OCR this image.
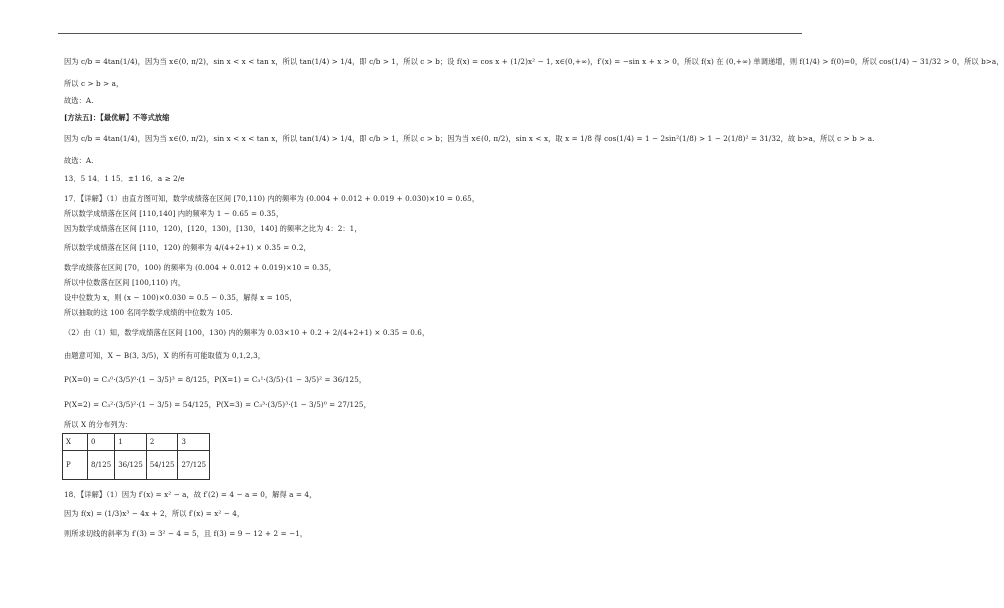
因为 c/b = 4tan(1/4)，因为当 x∈(0, π/2)，sin x < x < tan x，所以 tan(1/4) > 1/4，即 c/b > 1，所以 c > b；设 f(x) = cos x + (1/2)x² − 1, x∈(0,+∞)，f′(x) = −sin x + x > 0，所以 f(x) 在 (0,+∞) 单调递增，则 f(1/4) > f(0)=0，所以 cos(1/4) − 31/32 > 0，所以 b>a，
所以 c > b > a，
故选：A.
[方法五]：【最优解】不等式放缩
因为 c/b = 4tan(1/4)，因为当 x∈(0, π/2)，sin x < x < tan x，所以 tan(1/4) > 1/4，即 c/b > 1，所以 c > b；因为当 x∈(0, π/2)，sin x < x，取 x = 1/8 得 cos(1/4) = 1 − 2sin²(1/8) > 1 − 2(1/8)² = 31/32，故 b>a，所以 c > b > a.
故选：A.
13．5 14．1 15．±1 16．a ≥ 2/e
17．【详解】（1）由直方图可知，数学成绩落在区间 [70,110) 内的频率为 (0.004 + 0.012 + 0.019 + 0.030)×10 = 0.65，
所以数学成绩落在区间 [110,140] 内的频率为 1 − 0.65 = 0.35，
因为数学成绩落在区间 [110，120)，[120，130)，[130，140] 的频率之比为 4：2：1，
所以数学成绩落在区间 [110，120) 的频率为 4/(4+2+1) × 0.35 = 0.2，
数学成绩落在区间 [70，100) 的频率为 (0.004 + 0.012 + 0.019)×10 = 0.35，
所以中位数落在区间 [100,110) 内，
设中位数为 x，则 (x − 100)×0.030 = 0.5 − 0.35，解得 x = 105，
所以抽取的这 100 名同学数学成绩的中位数为 105.
（2）由（1）知，数学成绩落在区间 [100，130) 内的频率为 0.03×10 + 0.2 + 2/(4+2+1) × 0.35 = 0.6，
由题意可知，X ~ B(3, 3/5)，X 的所有可能取值为 0,1,2,3，
P(X=0) = C₃⁰·(3/5)⁰·(1 − 3/5)³ = 8/125，P(X=1) = C₃¹·(3/5)·(1 − 3/5)² = 36/125，
P(X=2) = C₃²·(3/5)²·(1 − 3/5) = 54/125，P(X=3) = C₃³·(3/5)³·(1 − 3/5)⁰ = 27/125，
所以 X 的分布列为：
18．【详解】（1）因为 f′(x) = x² − a，故 f′(2) = 4 − a = 0，解得 a = 4，
因为 f(x) = (1/3)x³ − 4x + 2，所以 f′(x) = x² − 4，
则所求切线的斜率为 f′(3) = 3² − 4 = 5，且 f(3) = 9 − 12 + 2 = −1，
X	0	1	2	3
P	8/125	36/125	54/125	27/125
